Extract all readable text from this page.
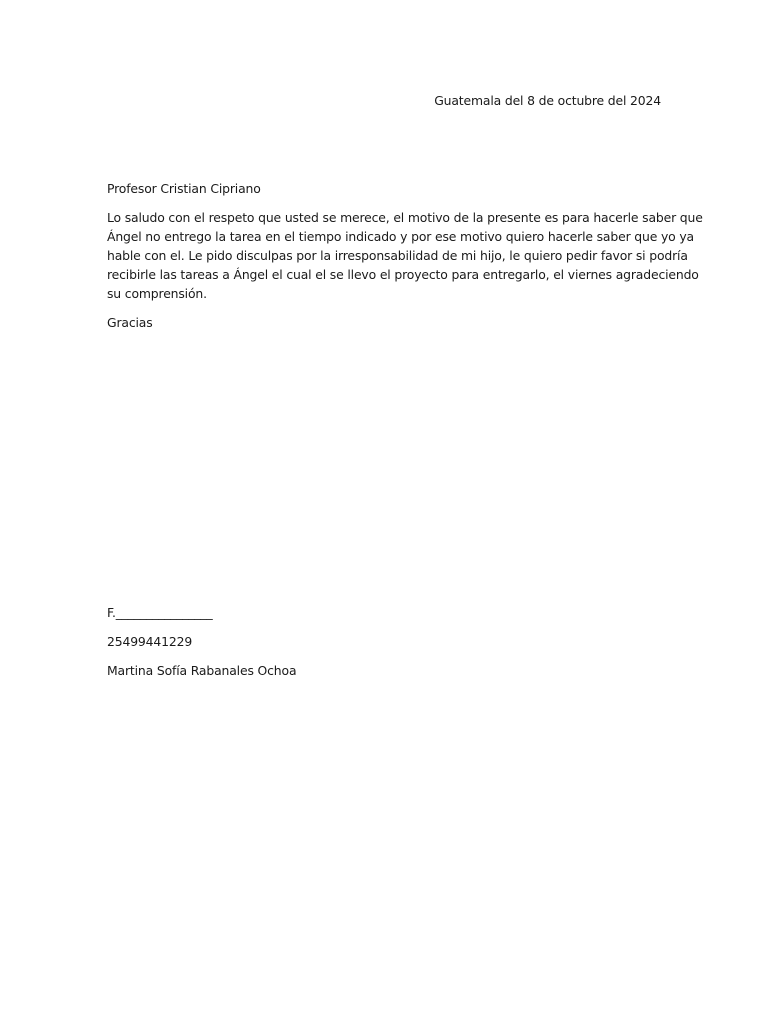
Guatemala del 8 de octubre del 2024
Profesor Cristian Cipriano
Lo saludo con el respeto que usted se merece, el motivo de la presente es para hacerle saber que
Ángel no entrego la tarea en el tiempo indicado y por ese motivo quiero hacerle saber que yo ya
hable con el. Le pido disculpas por la irresponsabilidad de mi hijo, le quiero pedir favor si podría
recibirle las tareas a Ángel el cual el se llevo el proyecto para entregarlo, el viernes agradeciendo
su comprensión.
Gracias
F.________________
25499441229
Martina Sofía Rabanales Ochoa
